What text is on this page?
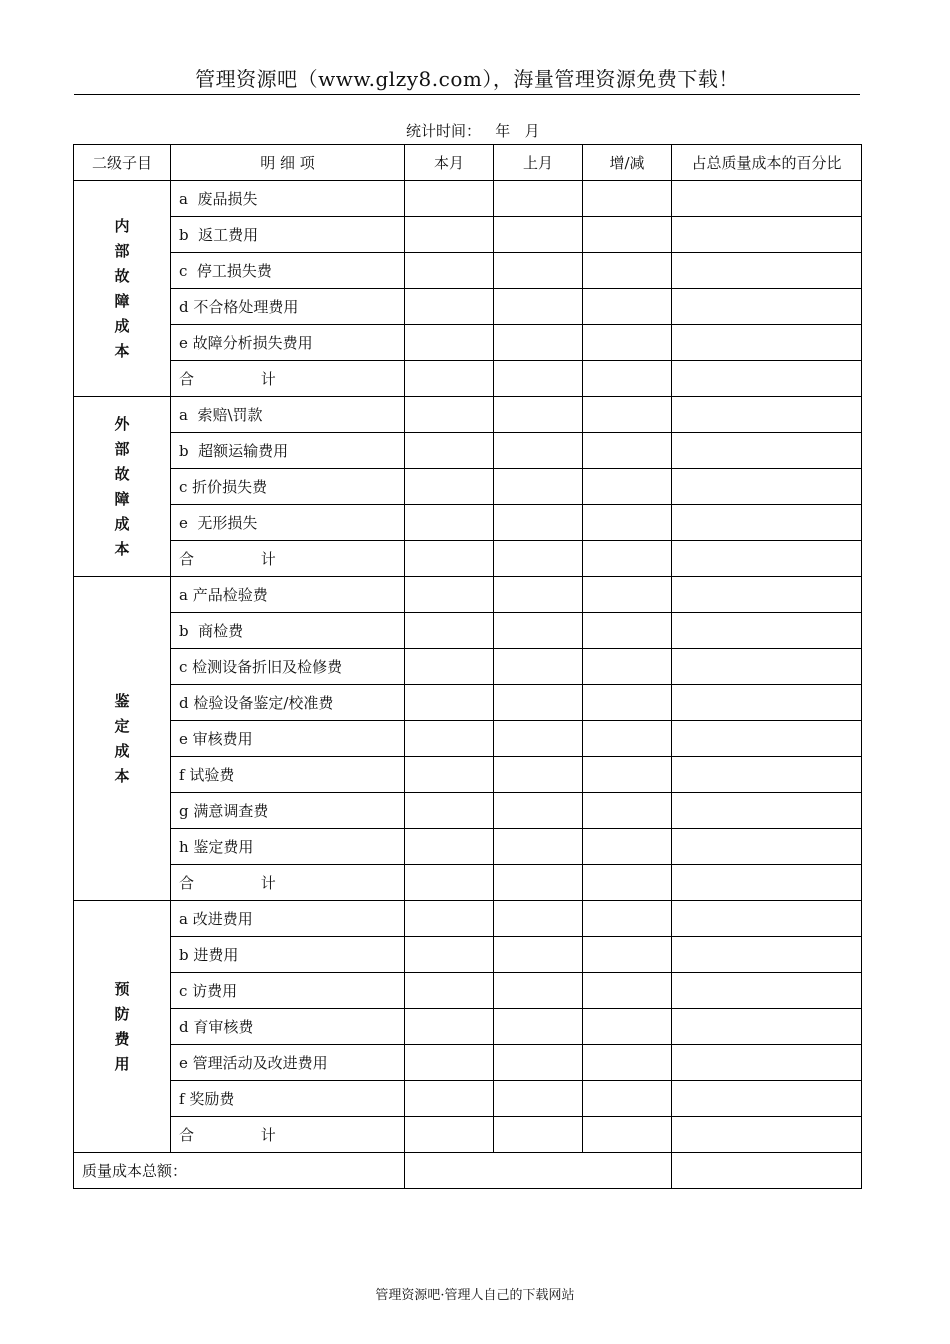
管理资源吧（www.glzy8.com），海量管理资源免费下载！
统计时间：   年   月
二级子目	明 细 项	本月	上月	增/减	占总质量成本的百分比
内部故障成本	a  废品损失				
	b  返工费用				
	c  停工损失费				
	d 不合格处理费用				
	e 故障分析损失费用				
	合              计				
外部故障成本	a  索赔\罚款				
	b  超额运输费用				
	c 折价损失费				
	e  无形损失				
	合              计				
鉴定成本	a 产品检验费				
	b  商检费				
	c 检测设备折旧及检修费				
	d 检验设备鉴定/校准费				
	e 审核费用				
	f 试验费				
	g 满意调查费				
	h 鉴定费用				
	合              计				
预防费用	a 改进费用				
	b 进费用				
	c 访费用				
	d 育审核费				
	e 管理活动及改进费用				
	f 奖励费				
	合              计				
质量成本总额：					
管理资源吧·管理人自己的下载网站
